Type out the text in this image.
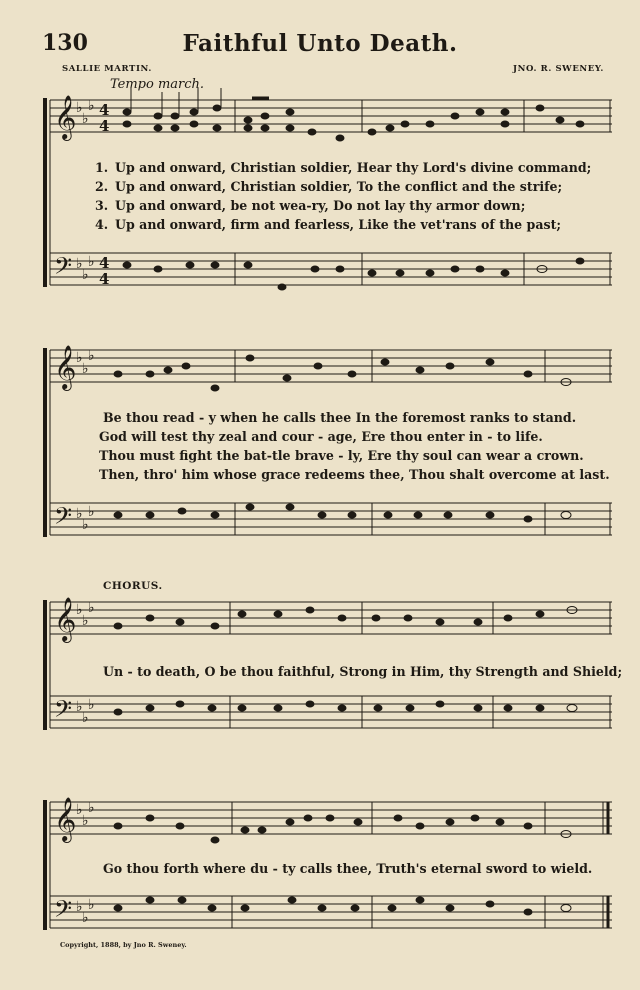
130	Faithful Unto Death.
SALLIE MARTIN.	JNO. R. SWENEY.
Tempo march.
𝄞
𝄢
♭
♭
♭
♭
♭
♭
4
4
4
4
1. Up and onward, Christian soldier, Hear thy Lord's divine command;
2. Up and onward, Christian soldier, To the conflict and the strife;
3. Up and onward, be not wea-ry, Do not lay thy armor down;
4. Up and onward, firm and fearless, Like the vet'rans of the past;
𝄞
𝄢
♭
♭
♭
♭
♭
♭
Be thou read - y when he calls thee In the foremost ranks to stand.
God will test thy zeal and cour - age, Ere thou enter in - to life.
Thou must fight the bat-tle brave - ly, Ere thy soul can wear a crown.
Then, thro' him whose grace redeems thee, Thou shalt overcome at last.
CHORUS.
𝄞
𝄢
♭
♭
♭
♭
♭
♭
Un - to death, O be thou faithful, Strong in Him, thy Strength and Shield;
𝄞
𝄢
♭
♭
♭
♭
♭
♭
Go thou forth where du - ty calls thee, Truth's eternal sword to wield.
Copyright, 1888, by Jno R. Sweney.
